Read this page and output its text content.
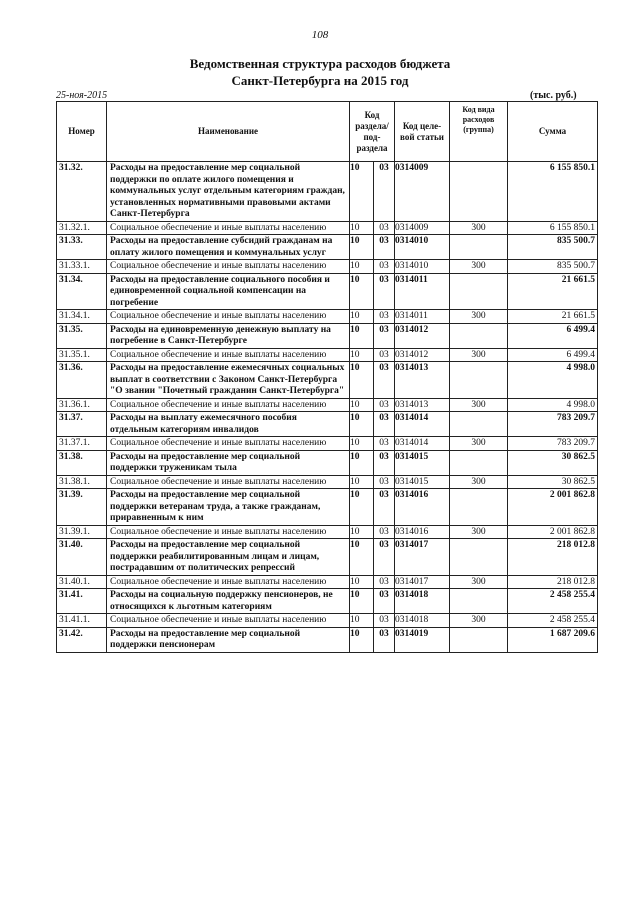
108
Ведомственная структура расходов бюджета
Санкт-Петербурга на 2015 год
25-ноя-2015	(тыс. руб.)
Номер	Наименование	Код раздела/ под- раздела		Код целе- вой статьи	Код вида расходов (группа)	Сумма
31.32.	Расходы на предоставление мер социальной поддержки по оплате жилого помещения и коммунальных услуг отдельным категориям граждан, установленных нормативными правовыми актами Санкт-Петербурга	10	03	0314009		6 155 850.1
31.32.1.	Социальное обеспечение и иные выплаты населению	10	03	0314009	300	6 155 850.1
31.33.	Расходы на предоставление субсидий гражданам на оплату жилого помещения и коммунальных услуг	10	03	0314010		835 500.7
31.33.1.	Социальное обеспечение и иные выплаты населению	10	03	0314010	300	835 500.7
31.34.	Расходы на предоставление социального пособия и единовременной социальной компенсации на погребение	10	03	0314011		21 661.5
31.34.1.	Социальное обеспечение и иные выплаты населению	10	03	0314011	300	21 661.5
31.35.	Расходы на единовременную денежную выплату на погребение в Санкт-Петербурге	10	03	0314012		6 499.4
31.35.1.	Социальное обеспечение и иные выплаты населению	10	03	0314012	300	6 499.4
31.36.	Расходы на предоставление ежемесячных социальных выплат в соответствии с Законом Санкт-Петербурга "О звании "Почетный гражданин Санкт-Петербурга"	10	03	0314013		4 998.0
31.36.1.	Социальное обеспечение и иные выплаты населению	10	03	0314013	300	4 998.0
31.37.	Расходы на выплату ежемесячного пособия отдельным категориям инвалидов	10	03	0314014		783 209.7
31.37.1.	Социальное обеспечение и иные выплаты населению	10	03	0314014	300	783 209.7
31.38.	Расходы на предоставление мер социальной поддержки труженикам тыла	10	03	0314015		30 862.5
31.38.1.	Социальное обеспечение и иные выплаты населению	10	03	0314015	300	30 862.5
31.39.	Расходы на предоставление мер социальной поддержки ветеранам труда, а также гражданам, приравненным к ним	10	03	0314016		2 001 862.8
31.39.1.	Социальное обеспечение и иные выплаты населению	10	03	0314016	300	2 001 862.8
31.40.	Расходы на предоставление мер социальной поддержки реабилитированным лицам и лицам, пострадавшим от политических репрессий	10	03	0314017		218 012.8
31.40.1.	Социальное обеспечение и иные выплаты населению	10	03	0314017	300	218 012.8
31.41.	Расходы на социальную поддержку пенсионеров, не относящихся к льготным категориям	10	03	0314018		2 458 255.4
31.41.1.	Социальное обеспечение и иные выплаты населению	10	03	0314018	300	2 458 255.4
31.42.	Расходы на предоставление мер социальной поддержки пенсионерам	10	03	0314019		1 687 209.6
